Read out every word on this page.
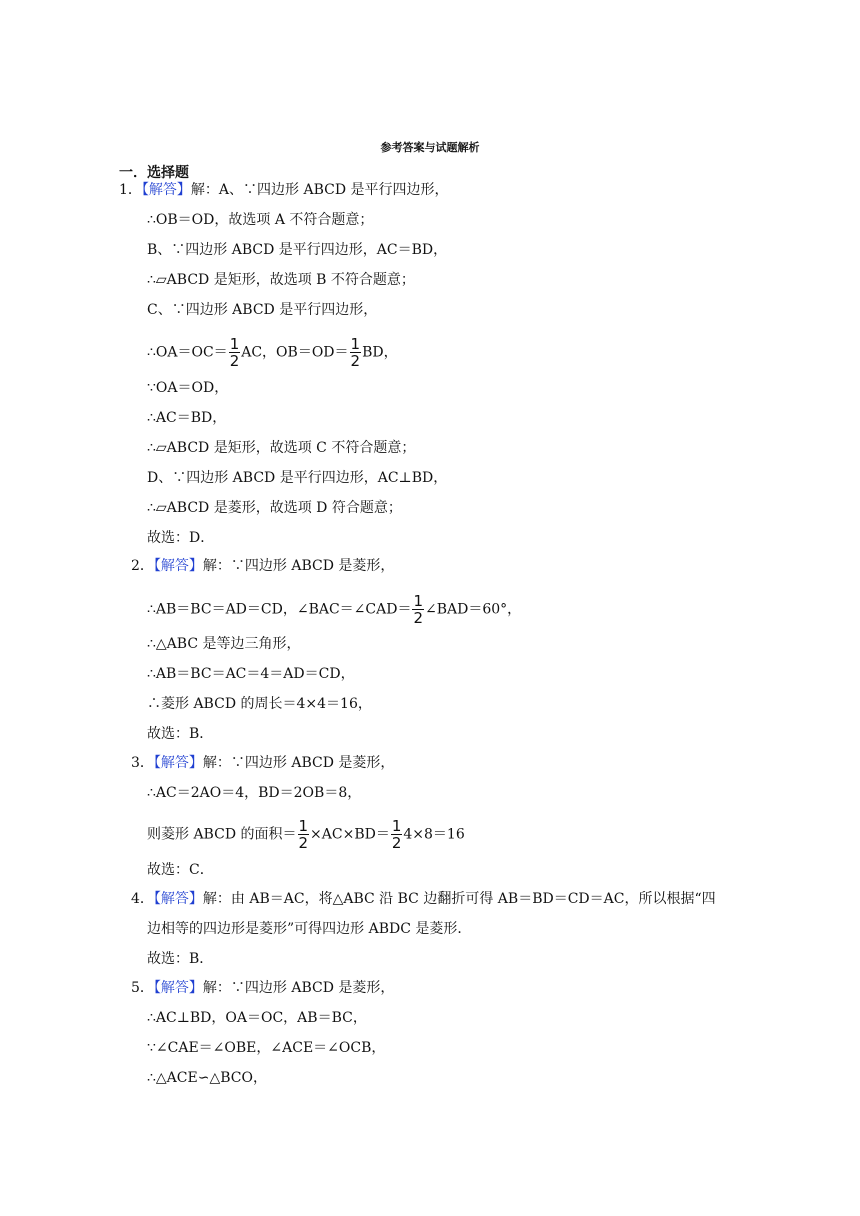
参考答案与试题解析
一．选择题
1．【解答】解：A、∵四边形 ABCD 是平行四边形，
∴OB＝OD，故选项 A 不符合题意；
B、∵四边形 ABCD 是平行四边形，AC＝BD，
∴▱ABCD 是矩形，故选项 B 不符合题意；
C、∵四边形 ABCD 是平行四边形，
∵OA＝OD，
∴AC＝BD，
∴▱ABCD 是矩形，故选项 C 不符合题意；
D、∵四边形 ABCD 是平行四边形，AC⊥BD，
∴▱ABCD 是菱形，故选项 D 符合题意；
故选：D．
2．【解答】解：∵四边形 ABCD 是菱形，
∴△ABC 是等边三角形，
∴AB＝BC＝AC＝4＝AD＝CD，
∴菱形 ABCD 的周长＝4×4＝16，
故选：B．
3．【解答】解：∵四边形 ABCD 是菱形，
∴AC＝2AO＝4，BD＝2OB＝8，
故选：C．
4．【解答】解：由 AB＝AC，将△ABC 沿 BC 边翻折可得 AB＝BD＝CD＝AC，所以根据“四
边相等的四边形是菱形”可得四边形 ABDC 是菱形．
故选：B．
5．【解答】解：∵四边形 ABCD 是菱形，
∴AC⊥BD，OA＝OC，AB＝BC，
∵∠CAE＝∠OBE，∠ACE＝∠OCB，
∴△ACE∽△BCO，
∴OA＝OC＝ $\frac{1}{2}$ AC，$OB=OD= \frac{1}{2}$ BD，
∴AB＝BC＝AD＝CD，∠BAC＝∠CAD＝ $\frac{1}{2}$ ∠BAD＝60°，
则菱形 ABCD 的面积＝ $\frac{1}{2} \times AC\times BD= \frac{1}{2} 4\times 8=16$
